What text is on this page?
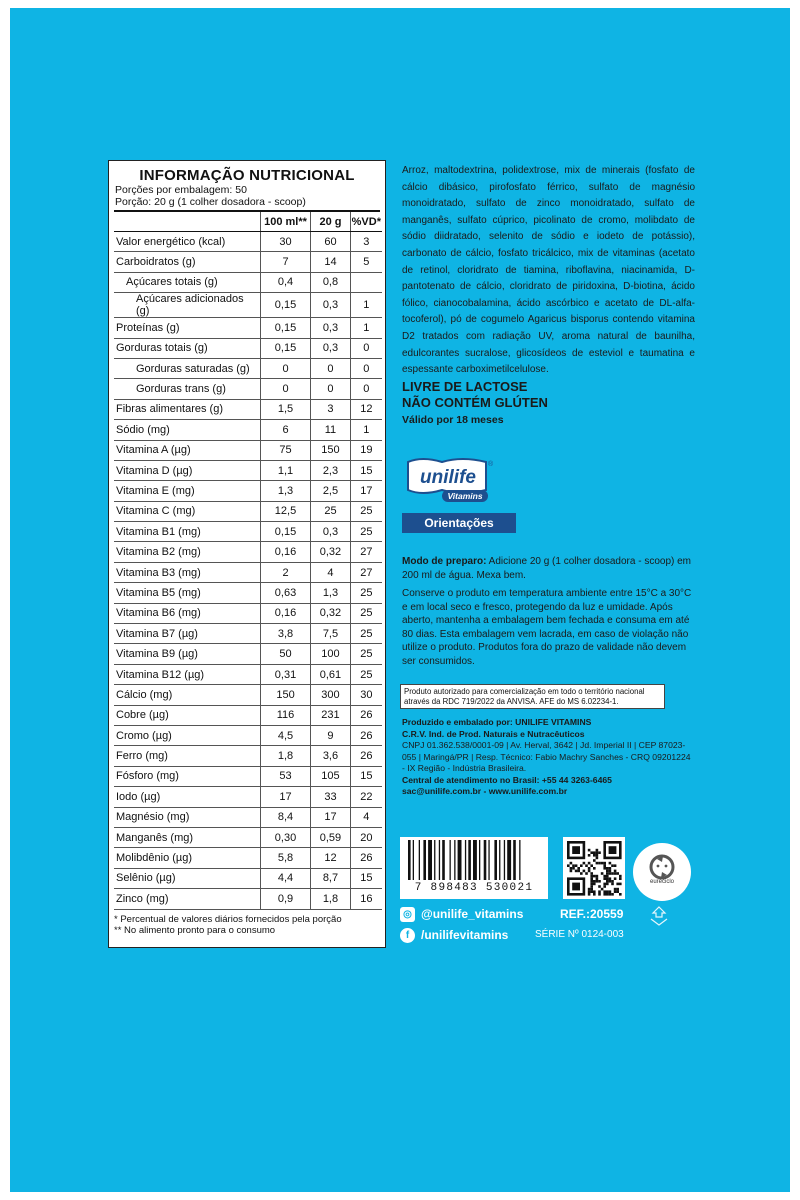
INFORMAÇÃO NUTRICIONAL
Porções por embalagem: 50
Porção: 20 g (1 colher dosadora - scoop)
	100 ml**	20 g	%VD*
Valor energético (kcal)	30	60	3
Carboidratos (g)	7	14	5
Açúcares totais (g)	0,4	0,8	
Açúcares adicionados (g)	0,15	0,3	1
Proteínas (g)	0,15	0,3	1
Gorduras totais (g)	0,15	0,3	0
Gorduras saturadas (g)	0	0	0
Gorduras trans (g)	0	0	0
Fibras alimentares (g)	1,5	3	12
Sódio (mg)	6	11	1
Vitamina A (µg)	75	150	19
Vitamina D (µg)	1,1	2,3	15
Vitamina E (mg)	1,3	2,5	17
Vitamina C (mg)	12,5	25	25
Vitamina B1 (mg)	0,15	0,3	25
Vitamina B2 (mg)	0,16	0,32	27
Vitamina B3 (mg)	2	4	27
Vitamina B5 (mg)	0,63	1,3	25
Vitamina B6 (mg)	0,16	0,32	25
Vitamina B7 (µg)	3,8	7,5	25
Vitamina B9 (µg)	50	100	25
Vitamina B12 (µg)	0,31	0,61	25
Cálcio (mg)	150	300	30
Cobre (µg)	116	231	26
Cromo (µg)	4,5	9	26
Ferro (mg)	1,8	3,6	26
Fósforo (mg)	53	105	15
Iodo (µg)	17	33	22
Magnésio (mg)	8,4	17	4
Manganês (mg)	0,30	0,59	20
Molibdênio (µg)	5,8	12	26
Selênio (µg)	4,4	8,7	15
Zinco (mg)	0,9	1,8	16
* Percentual de valores diários fornecidos pela porção
** No alimento pronto para o consumo
Arroz, maltodextrina, polidextrose, mix de minerais (fosfato de cálcio dibásico, pirofosfato férrico, sulfato de magnésio monoidratado, sulfato de zinco monoidratado, sulfato de manganês, sulfato cúprico, picolinato de cromo, molibdato de sódio diidratado, selenito de sódio e iodeto de potássio), carbonato de cálcio, fosfato tricálcico, mix de vitaminas (acetato de retinol, cloridrato de tiamina, riboflavina, niacinamida, D-pantotenato de cálcio, cloridrato de piridoxina, D-biotina, ácido fólico, cianocobalamina, ácido ascórbico e acetato de DL-alfa-tocoferol), pó de cogumelo Agaricus bisporus contendo vitamina D2 tratados com radiação UV, aroma natural de baunilha, edulcorantes sucralose, glicosídeos de esteviol e taumatina e espessante carboximetilcelulose.
LIVRE DE LACTOSE
NÃO CONTÉM GLÚTEN
Válido por 18 meses
unilife
®
Vitamins
Orientações
Modo de preparo: Adicione 20 g (1 colher dosadora - scoop) em 200 ml de água. Mexa bem.
Conserve o produto em temperatura ambiente entre 15°C a 30°C e em local seco e fresco, protegendo da luz e umidade. Após aberto, mantenha a embalagem bem fechada e consuma em até 80 dias. Esta embalagem vem lacrada, em caso de violação não utilize o produto. Produtos fora do prazo de validade não devem ser consumidos.
Produto autorizado para comercialização em todo o território nacional através da RDC 719/2022 da ANVISA. AFE do MS 6.02234-1.
Produzido e embalado por: UNILIFE VITAMINS
C.R.V. Ind. de Prod. Naturais e Nutracêuticos
CNPJ 01.362.538/0001-09 | Av. Herval, 3642 | Jd. Imperial II | CEP 87023-055 | Maringá/PR | Resp. Técnico: Fabio Machry Sanches - CRQ 09201224 - IX Região - Indústria Brasileira.
Central de atendimento no Brasil: +55 44 3263-6465
sac@unilife.com.br - www.unilife.com.br
7 898483 530021	eureciclo
◎ @unilife_vitamins
f /unilifevitamins
REF.:20559
SÉRIE Nº 0124-003
